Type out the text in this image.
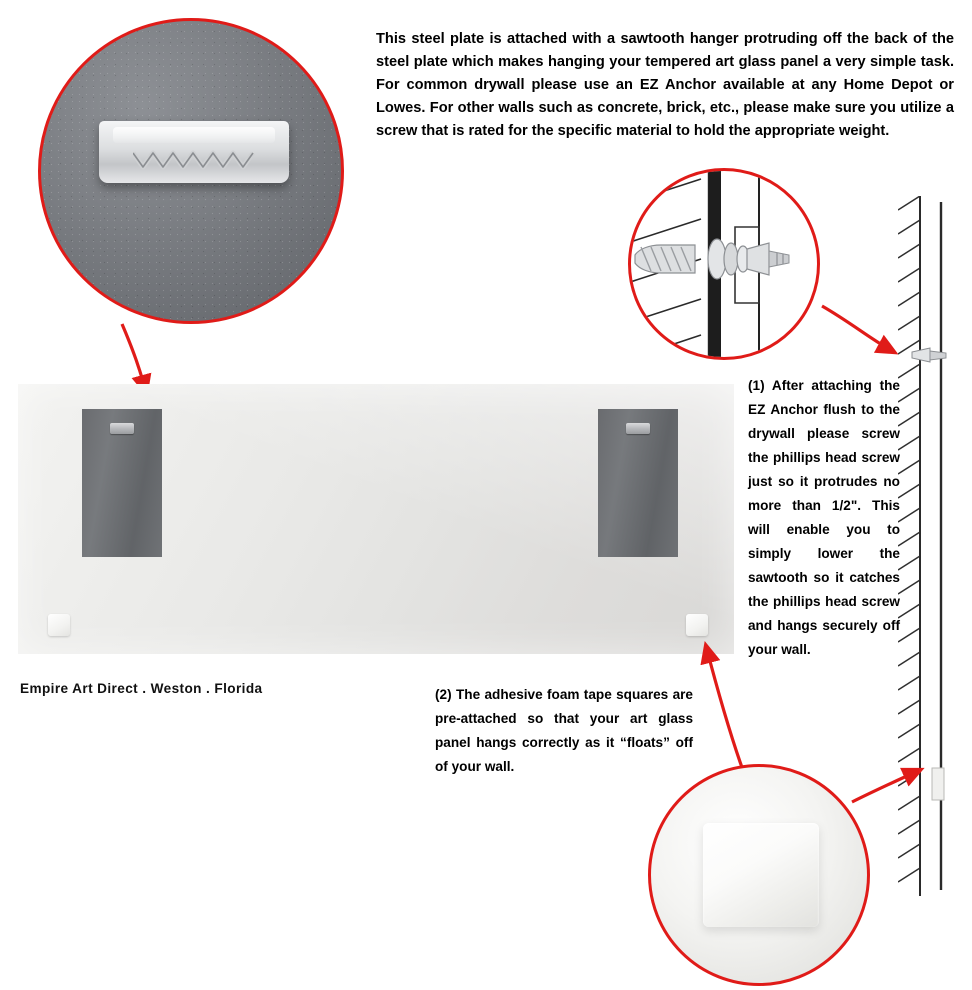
This steel plate is attached with a sawtooth hanger protruding off the back of the steel plate which makes hanging your tempered art glass panel a very simple task. For common drywall please use an EZ Anchor available at any Home Depot or Lowes. For other walls such as concrete, brick, etc., please make sure you utilize a screw that is rated for the specific material to hold the appropriate weight.
(1) After attaching the EZ Anchor flush to the drywall please screw the phillips head screw just so it protrudes no more than 1/2". This will enable you to simply lower the sawtooth so it catches the phillips head screw and hangs securely off your wall.
Empire Art Direct . Weston . Florida	(2) The adhesive foam tape squares are pre-attached so that your art glass panel hangs correctly as it “floats” off of your wall.
